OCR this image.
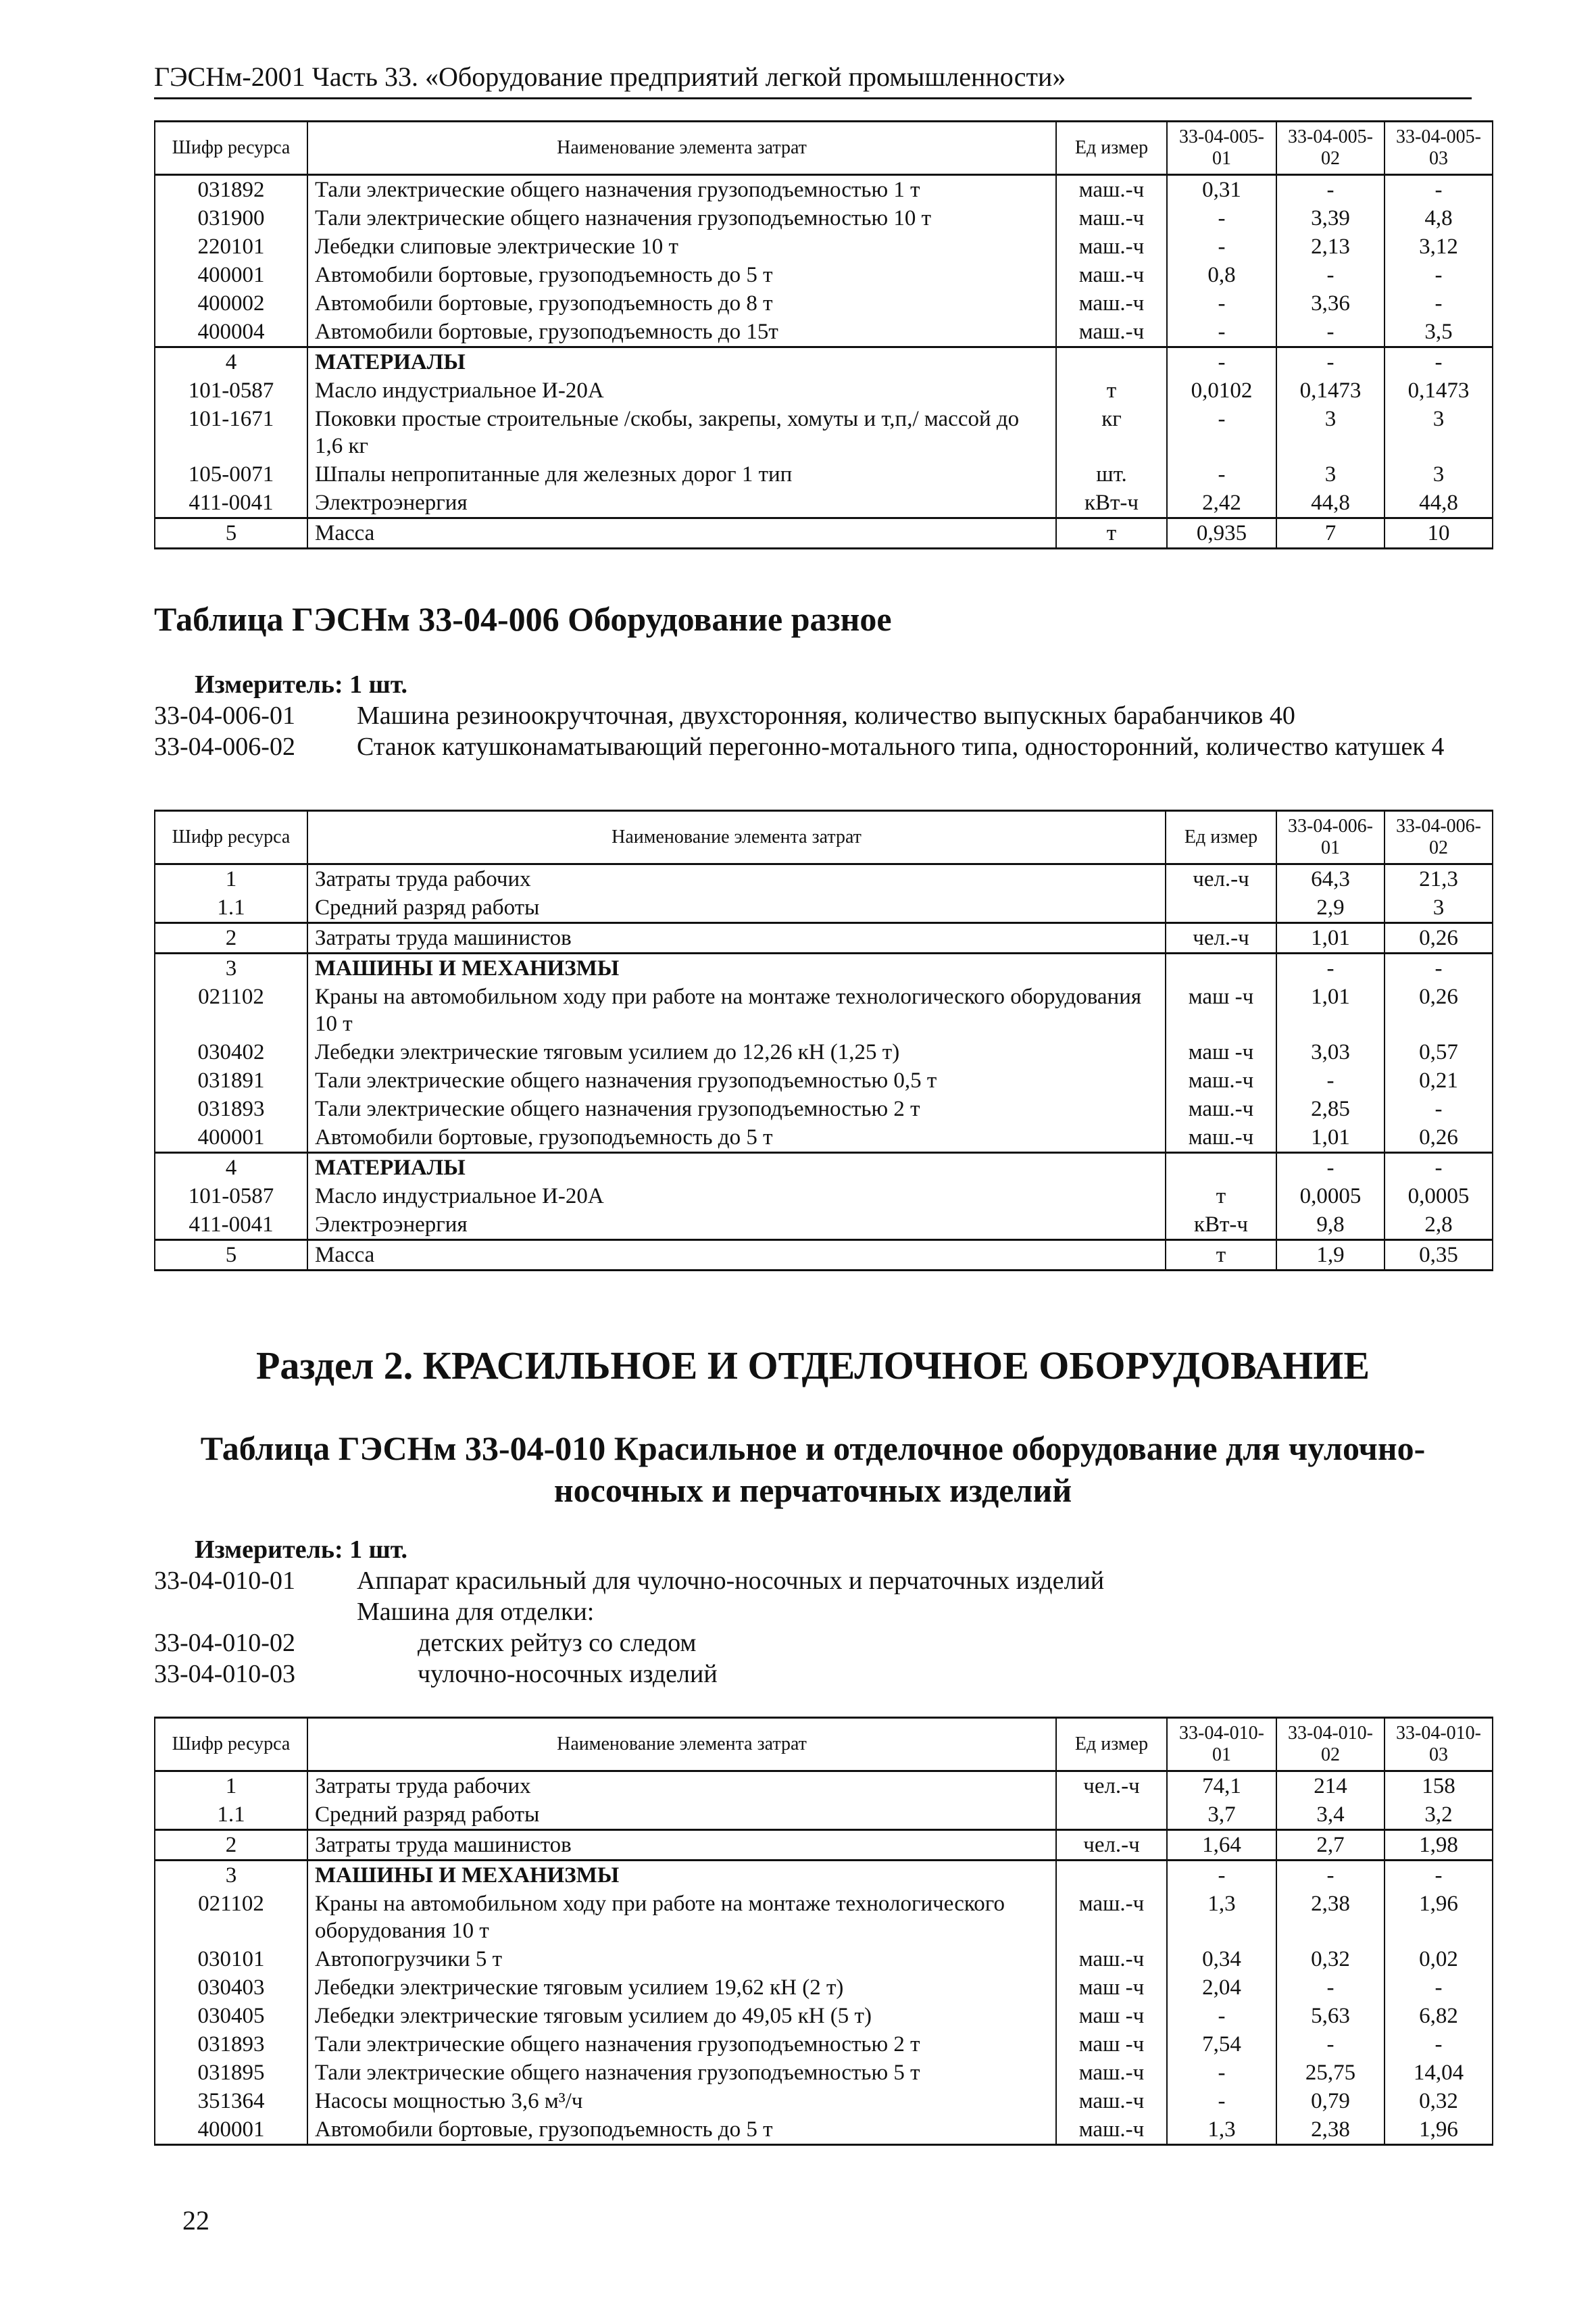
ГЭСНм-2001 Часть 33. «Оборудование предприятий легкой промышленности»
Шифр ресурса	Наименование элемента затрат	Ед измер	33-04-005-01	33-04-005-02	33-04-005-03
031892	Тали электрические общего назначения грузоподъемностью 1 т	маш.-ч	0,31	-	-
031900	Тали электрические общего назначения грузоподъемностью 10 т	маш.-ч	-	3,39	4,8
220101	Лебедки слиповые электрические 10 т	маш.-ч	-	2,13	3,12
400001	Автомобили бортовые, грузоподъемность до 5 т	маш.-ч	0,8	-	-
400002	Автомобили бортовые, грузоподъемность до 8 т	маш.-ч	-	3,36	-
400004	Автомобили бортовые, грузоподъемность до 15т	маш.-ч	-	-	3,5
4	МАТЕРИАЛЫ		-	-	-
101-0587	Масло индустриальное И-20А	т	0,0102	0,1473	0,1473
101-1671	Поковки простые строительные /скобы, закрепы, хомуты и т,п,/ массой до 1,6 кг	кг	-	3	3
105-0071	Шпалы непропитанные для железных дорог 1 тип	шт.	-	3	3
411-0041	Электроэнергия	кВт-ч	2,42	44,8	44,8
5	Масса	т	0,935	7	10
Таблица ГЭСНм 33-04-006 Оборудование разное
Измеритель: 1 шт.
33-04-006-01	Машина резиноокручточная, двухсторонняя, количество выпускных барабанчиков 40
33-04-006-02	Станок катушконаматывающий перегонно-мотального типа, односторонний, количество катушек 4
Шифр ресурса	Наименование элемента затрат	Ед измер	33-04-006-01	33-04-006-02
1	Затраты труда рабочих	чел.-ч	64,3	21,3
1.1	Средний разряд работы		2,9	3
2	Затраты труда машинистов	чел.-ч	1,01	0,26
3	МАШИНЫ И МЕХАНИЗМЫ		-	-
021102	Краны на автомобильном ходу при работе на монтаже технологического оборудования 10 т	маш -ч	1,01	0,26
030402	Лебедки электрические тяговым усилием до 12,26 кН (1,25 т)	маш -ч	3,03	0,57
031891	Тали электрические общего назначения грузоподъемностью 0,5 т	маш.-ч	-	0,21
031893	Тали электрические общего назначения грузоподъемностью 2 т	маш.-ч	2,85	-
400001	Автомобили бортовые, грузоподъемность до 5 т	маш.-ч	1,01	0,26
4	МАТЕРИАЛЫ		-	-
101-0587	Масло индустриальное И-20А	т	0,0005	0,0005
411-0041	Электроэнергия	кВт-ч	9,8	2,8
5	Масса	т	1,9	0,35
Раздел 2. КРАСИЛЬНОЕ И ОТДЕЛОЧНОЕ ОБОРУДОВАНИЕ
Таблица ГЭСНм 33-04-010 Красильное и отделочное оборудование для чулочно-
носочных и перчаточных изделий
Измеритель: 1 шт.
33-04-010-01	Аппарат красильный для чулочно-носочных и перчаточных изделий
Машина для отделки:
33-04-010-02	детских рейтуз со следом
33-04-010-03	чулочно-носочных изделий
Шифр ресурса	Наименование элемента затрат	Ед измер	33-04-010-01	33-04-010-02	33-04-010-03
1	Затраты труда рабочих	чел.-ч	74,1	214	158
1.1	Средний разряд работы		3,7	3,4	3,2
2	Затраты труда машинистов	чел.-ч	1,64	2,7	1,98
3	МАШИНЫ И МЕХАНИЗМЫ		-	-	-
021102	Краны на автомобильном ходу при работе на монтаже технологического оборудования 10 т	маш.-ч	1,3	2,38	1,96
030101	Автопогрузчики 5 т	маш.-ч	0,34	0,32	0,02
030403	Лебедки электрические тяговым усилием 19,62 кН (2 т)	маш -ч	2,04	-	-
030405	Лебедки электрические тяговым усилием до 49,05 кН (5 т)	маш -ч	-	5,63	6,82
031893	Тали электрические общего назначения грузоподъемностью 2 т	маш -ч	7,54	-	-
031895	Тали электрические общего назначения грузоподъемностью 5 т	маш.-ч	-	25,75	14,04
351364	Насосы мощностью 3,6 м³/ч	маш.-ч	-	0,79	0,32
400001	Автомобили бортовые, грузоподъемность до 5 т	маш.-ч	1,3	2,38	1,96
22
